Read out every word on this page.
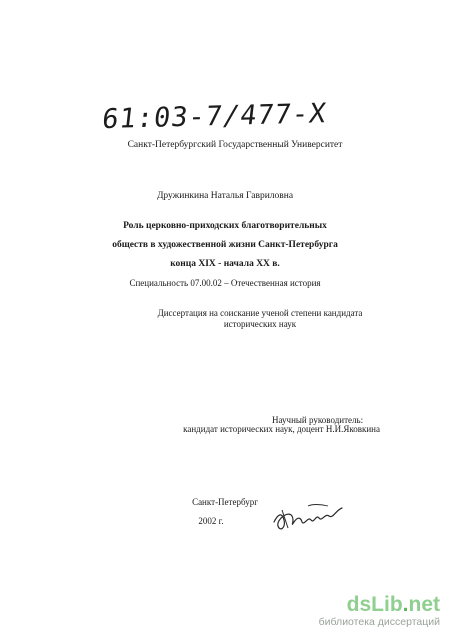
61:03-7/477-X
Санкт-Петербургский Государственный Университет
Дружинкина Наталья Гавриловна
Роль церковно-приходских благотворительных
обществ в художественной жизни Санкт-Петербурга
конца XIX - начала XX в.
Специальность 07.00.02 – Отечественная история
Диссертация на соискание ученой степени кандидата исторических наук
Научный руководитель:
кандидат исторических наук, доцент Н.И.Яковкина
Санкт-Петербург
2002 г.
dsLib.net
библиотека диссертаций
